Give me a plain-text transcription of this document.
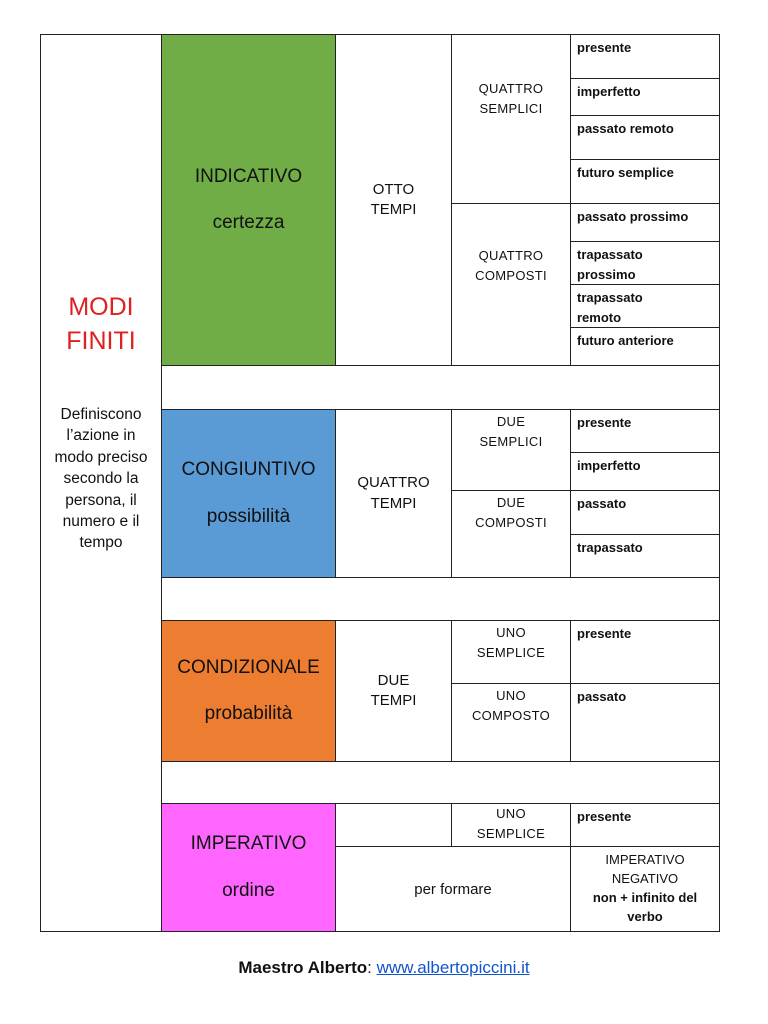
MODI
FINITI
Definiscono l’azione in modo preciso secondo la persona, il numero e il tempo
INDICATIVO
certezza
OTTO
TEMPI
QUATTRO
SEMPLICI
QUATTRO
COMPOSTI
presente
imperfetto
passato remoto
futuro semplice
passato prossimo
trapassato prossimo
trapassato remoto
futuro anteriore
CONGIUNTIVO
possibilità
QUATTRO
TEMPI
DUE
SEMPLICI
DUE
COMPOSTI
presente
imperfetto
passato
trapassato
CONDIZIONALE
probabilità
DUE
TEMPI
UNO
SEMPLICE
UNO
COMPOSTO
presente
passato
IMPERATIVO
ordine
UNO
SEMPLICE
presente
per formare
IMPERATIVO
NEGATIVO
non + infinito del
verbo
Maestro Alberto: www.albertopiccini.it
